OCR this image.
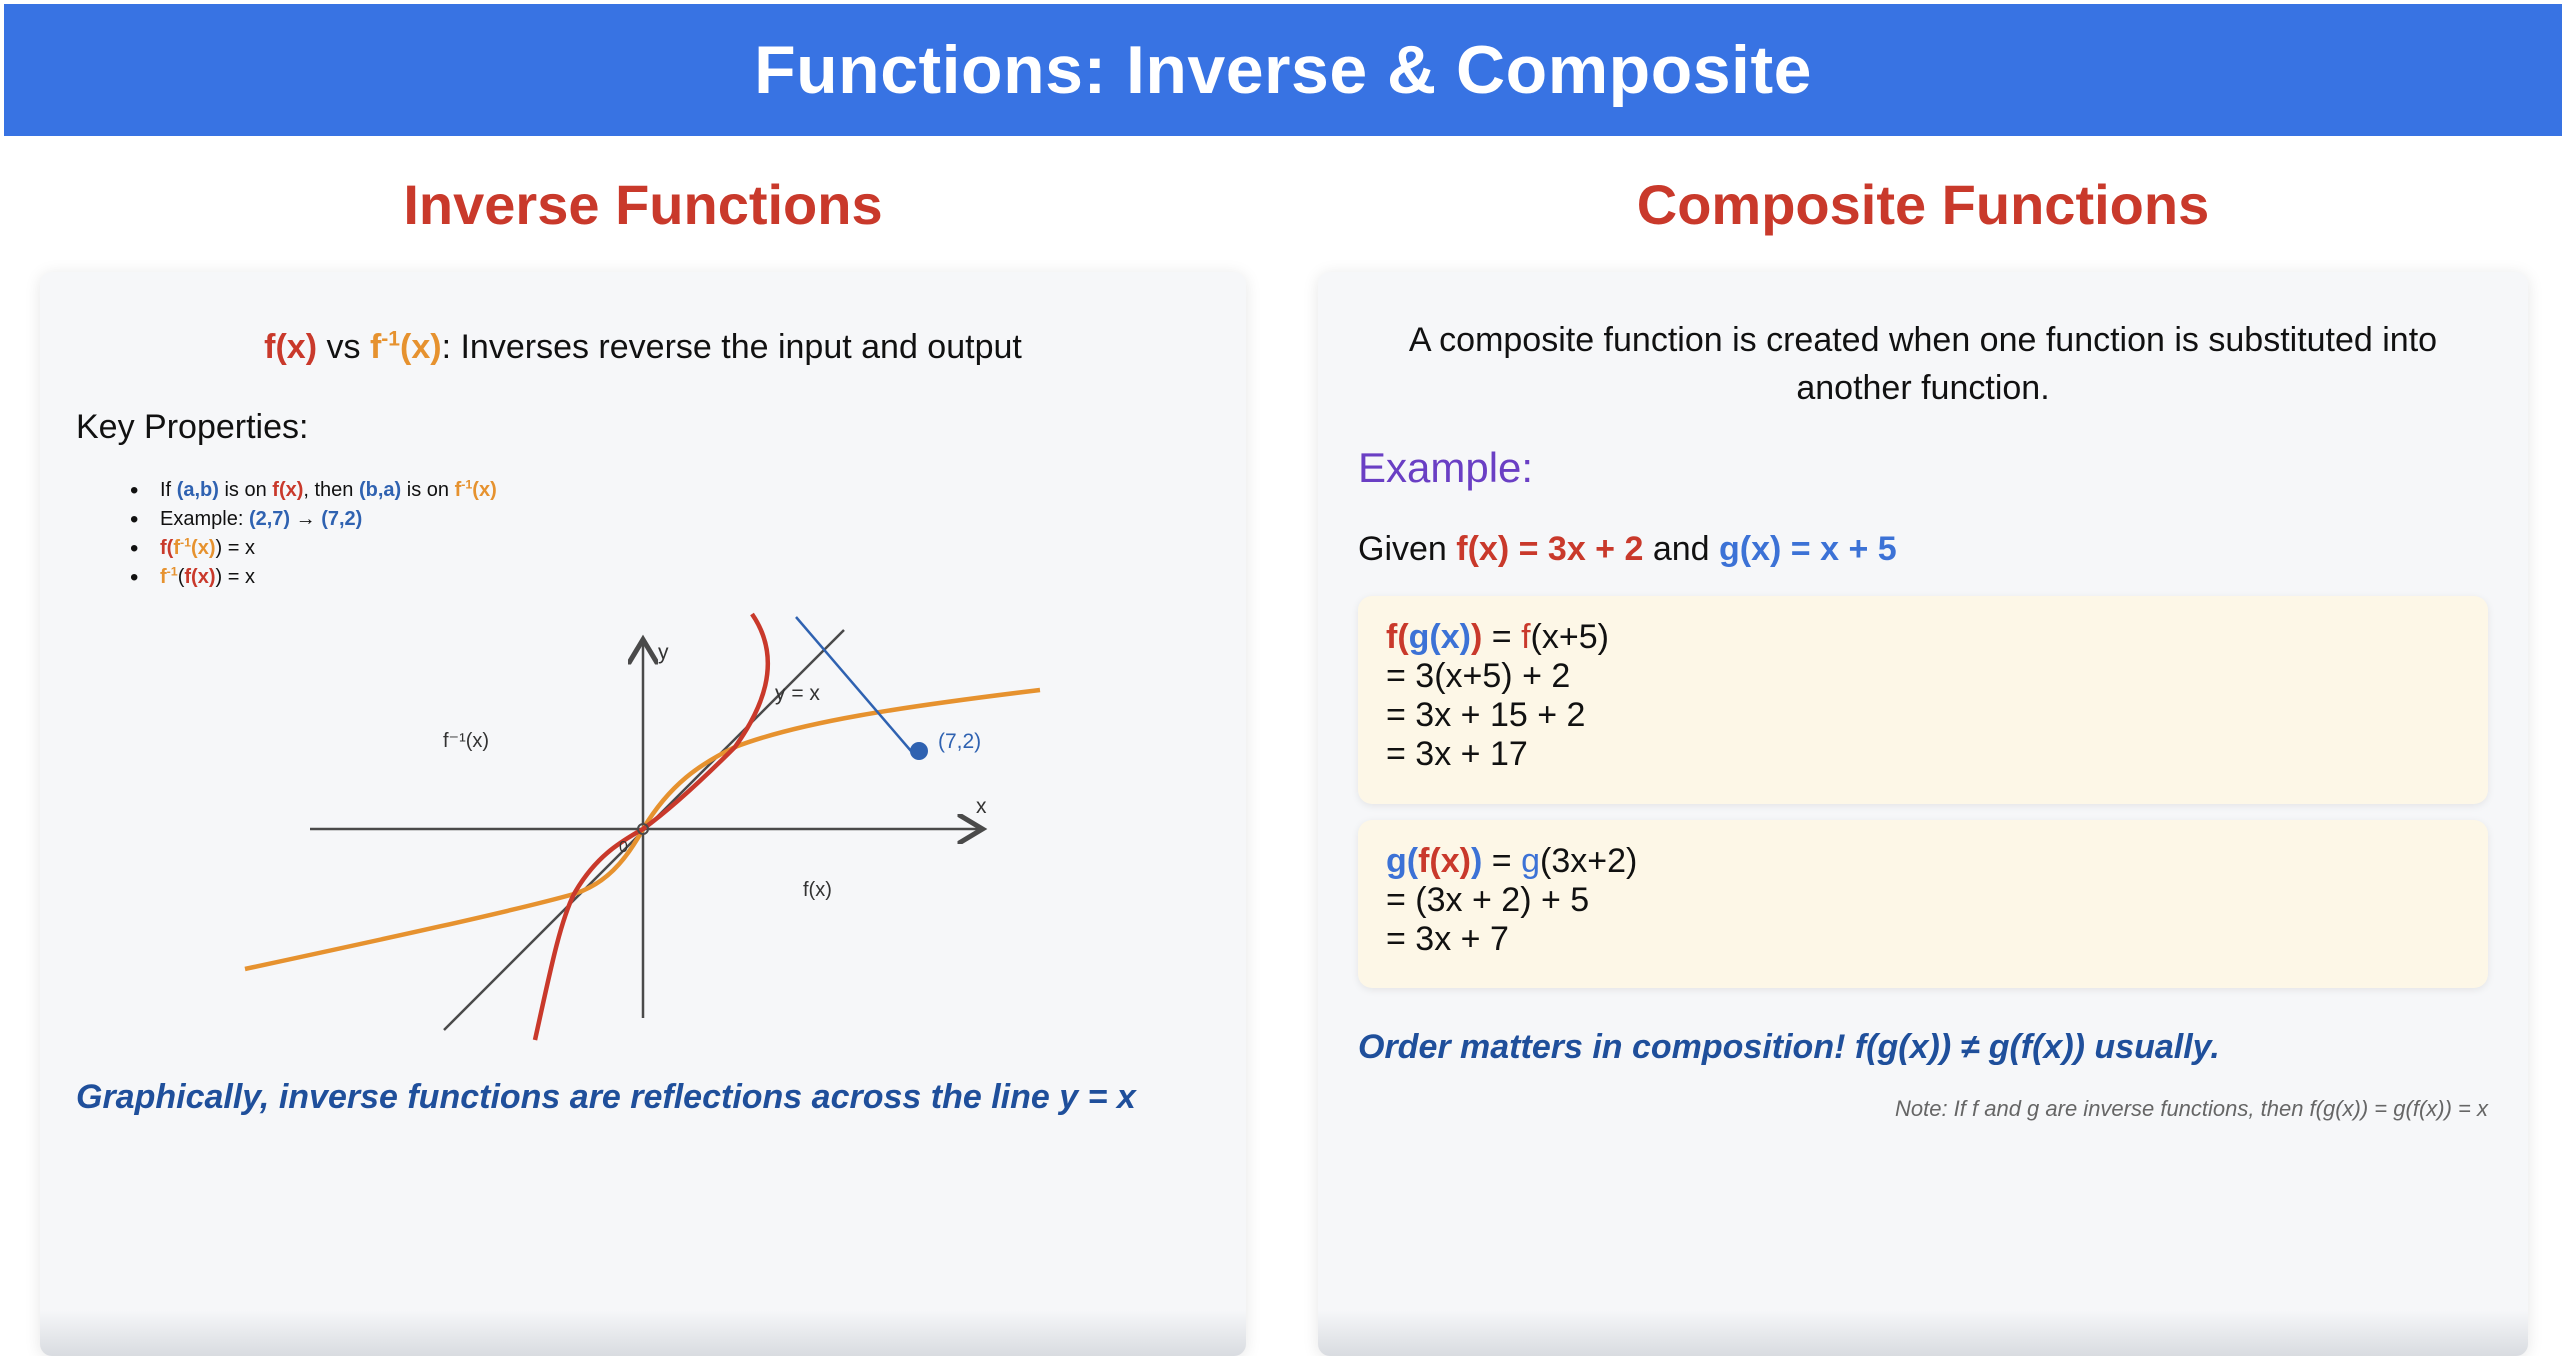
Functions: Inverse & Composite
Inverse Functions	Composite Functions
f(x) vs $f^{-1}(x)$: Inverses reverse the input and output
Key Properties:
• If (a,b) is on f(x), then (b,a) is on $f^{-1}(x)$
• Example: (2,7) → (7,2)
• $f(f^{-1}(x)) = x$
• $f^{-1}(f(x)) = x$
y
x
y = x
f⁻¹(x)
f(x)
(7,2)
0

Graphically, inverse functions are reflections across the line y = x

A composite function is created when one function is substituted into another function.
Example:
Given f(x) = 3x + 2 and g(x) = x + 5
f(g(x)) = f(x+5)
= 3(x+5) + 2
= 3x + 15 + 2
= 3x + 17
g(f(x)) = g(3x+2)
= (3x + 2) + 5
= 3x + 7

Order matters in composition! f(g(x)) ≠ g(f(x)) usually.

Note: If f and g are inverse functions, then f(g(x)) = g(f(x)) = x
